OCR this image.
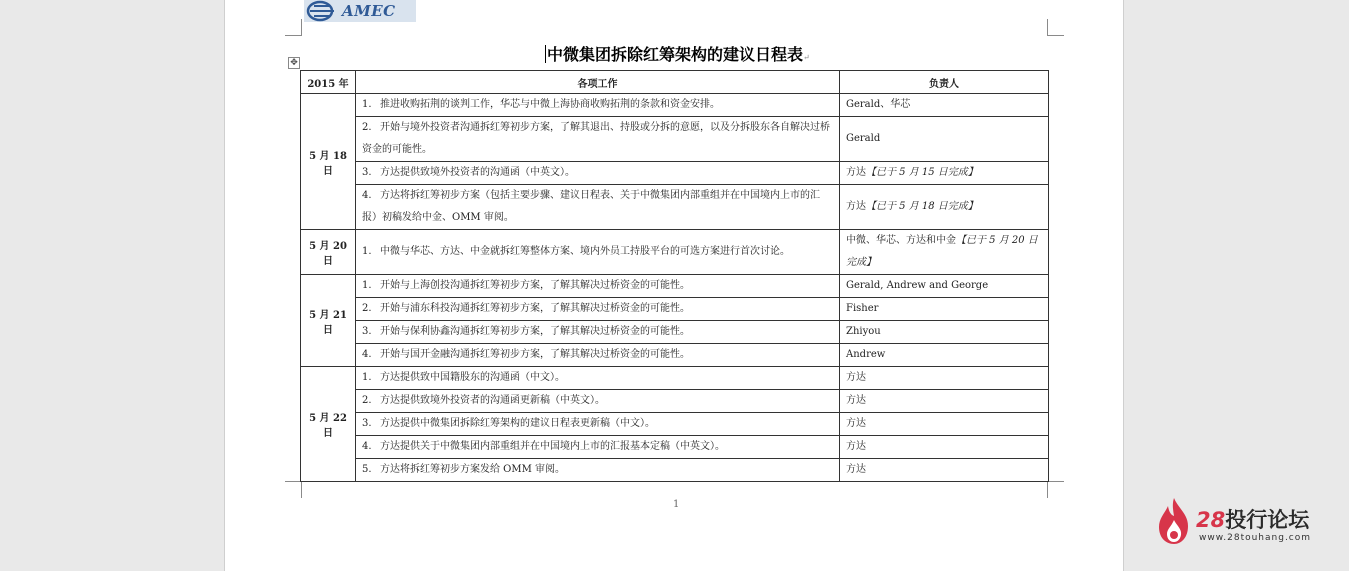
AMEC
中微集团拆除红筹架构的建议日程表↵
✥
2015 年	各项工作	负责人
5 月 18 日	1. 推进收购拓荆的谈判工作，华芯与中微上海协商收购拓荆的条款和资金安排。	Gerald、华芯
	2. 开始与境外投资者沟通拆红筹初步方案，了解其退出、持股或分拆的意愿，以及分拆股东各自解决过桥资金的可能性。	Gerald
	3. 方达提供致境外投资者的沟通函（中英文）。	方达【已于 5 月 15 日完成】
	4. 方达将拆红筹初步方案（包括主要步骤、建议日程表、关于中微集团内部重组并在中国境内上市的汇报）初稿发给中金、OMM 审阅。	方达【已于 5 月 18 日完成】
5 月 20 日	1. 中微与华芯、方达、中金就拆红筹整体方案、境内外员工持股平台的可选方案进行首次讨论。	中微、华芯、方达和中金【已于 5 月 20 日完成】
5 月 21 日	1. 开始与上海创投沟通拆红筹初步方案，了解其解决过桥资金的可能性。	Gerald, Andrew and George
	2. 开始与浦东科投沟通拆红筹初步方案，了解其解决过桥资金的可能性。	Fisher
	3. 开始与保利协鑫沟通拆红筹初步方案，了解其解决过桥资金的可能性。	Zhiyou
	4. 开始与国开金融沟通拆红筹初步方案，了解其解决过桥资金的可能性。	Andrew
5 月 22 日	1. 方达提供致中国籍股东的沟通函（中文）。	方达
	2. 方达提供致境外投资者的沟通函更新稿（中英文）。	方达
	3. 方达提供中微集团拆除红筹架构的建议日程表更新稿（中文）。	方达
	4. 方达提供关于中微集团内部重组并在中国境内上市的汇报基本定稿（中英文）。	方达
	5. 方达将拆红筹初步方案发给 OMM 审阅。	方达
1
28投行论坛
www.28touhang.com
